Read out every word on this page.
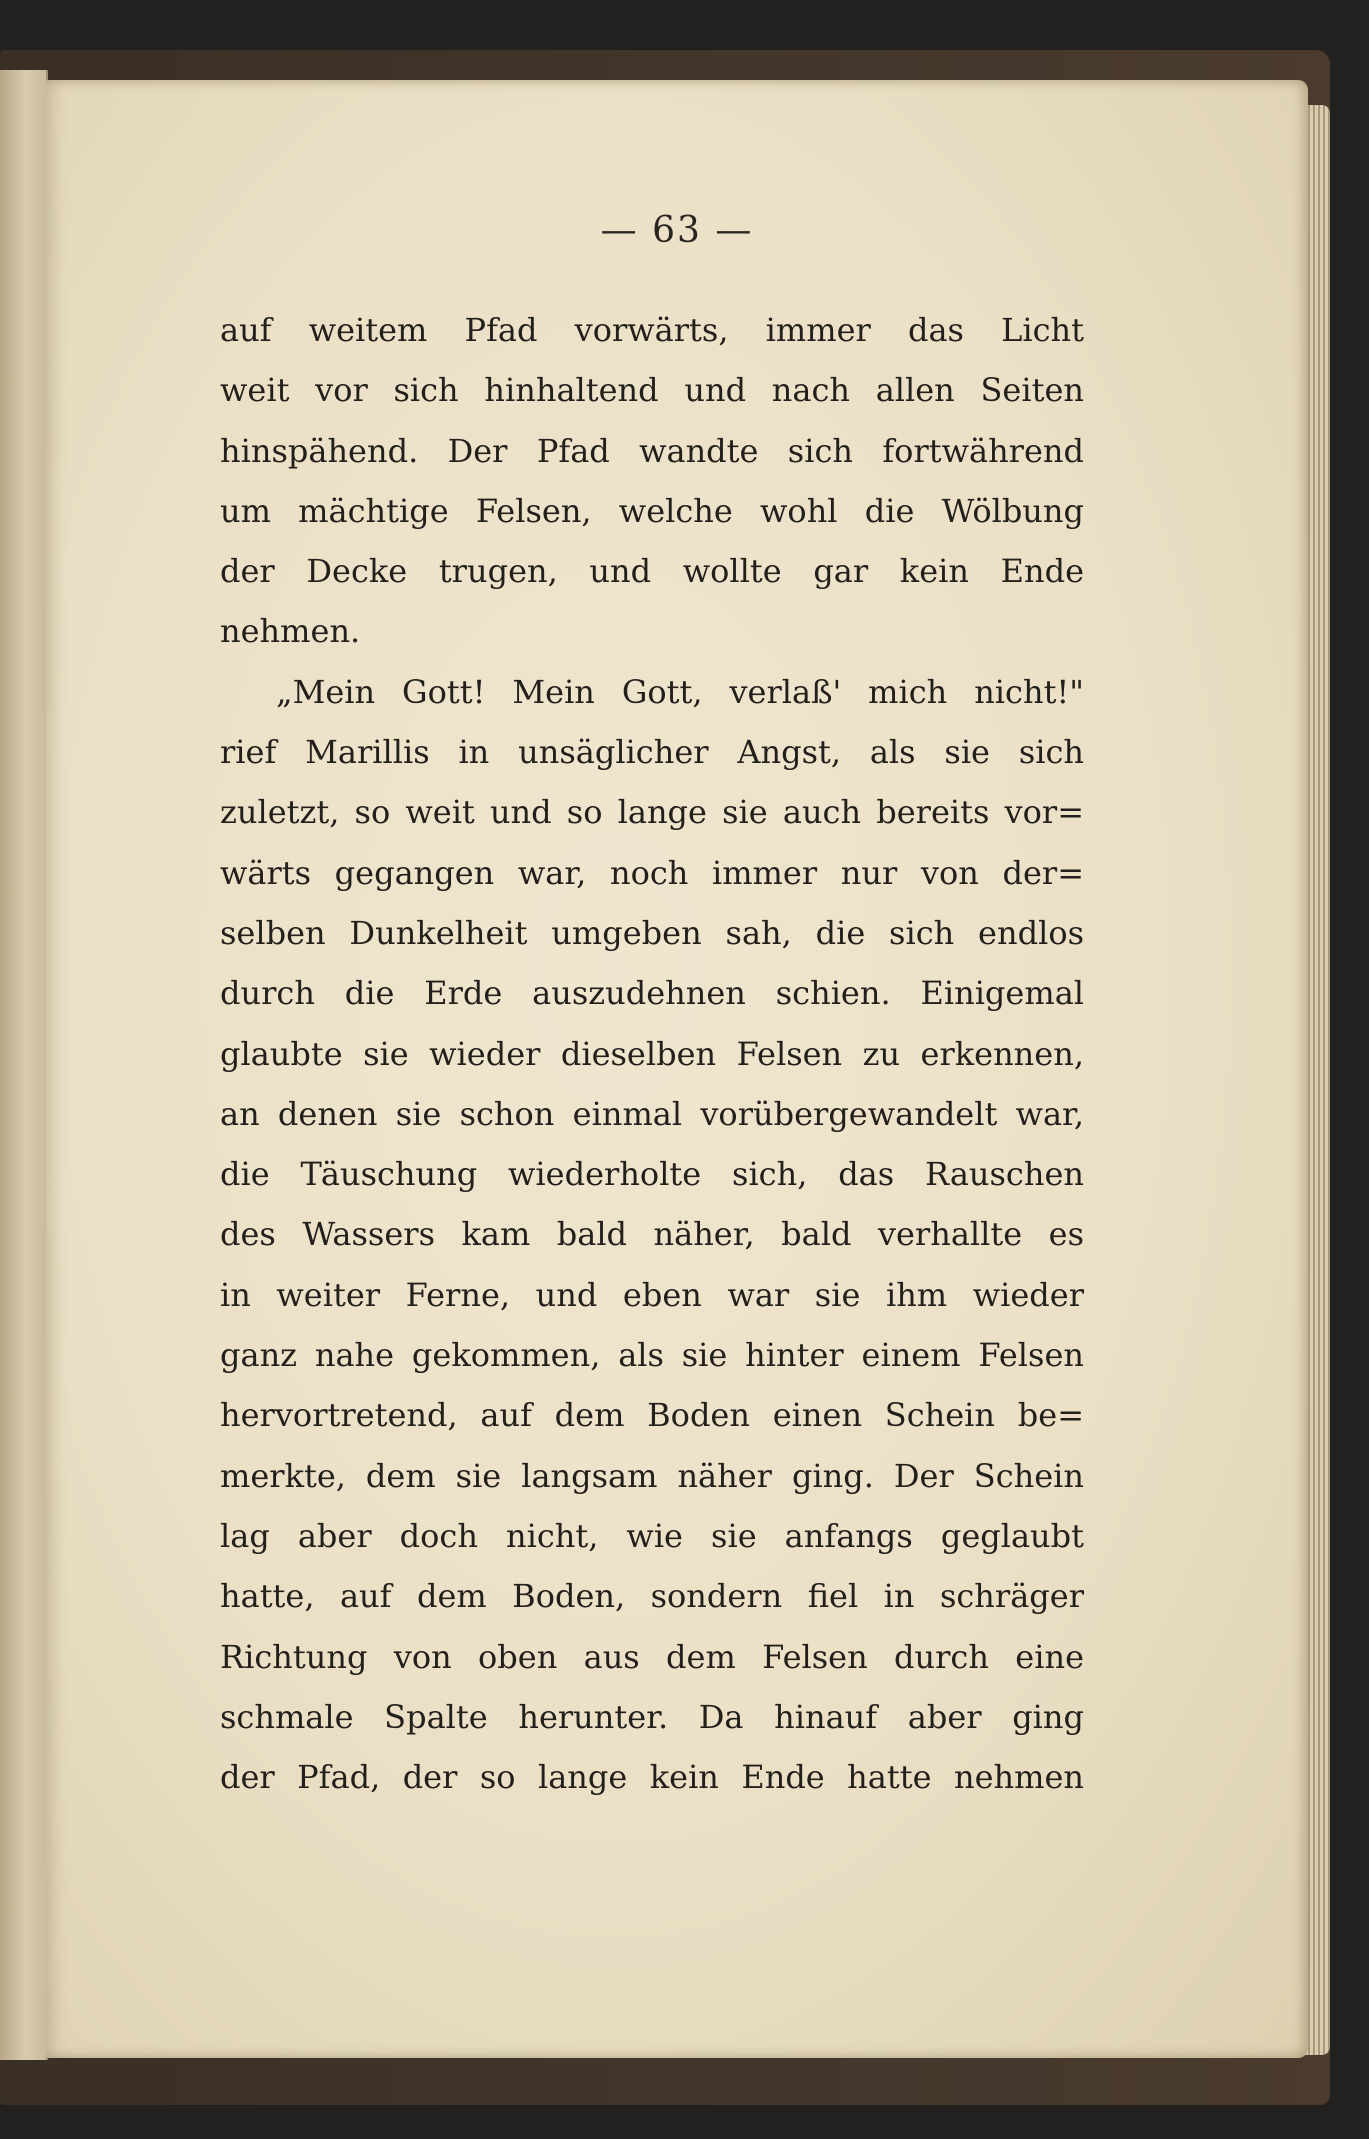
— 63 —

auf weitem Pfad vorwärts, immer das Licht
weit vor sich hinhaltend und nach allen Seiten
hinspähend. Der Pfad wandte sich fortwährend
um mächtige Felsen, welche wohl die Wölbung
der Decke trugen, und wollte gar kein Ende
nehmen.
„Mein Gott! Mein Gott, verlaß' mich nicht!"
rief Marillis in unsäglicher Angst, als sie sich
zuletzt, so weit und so lange sie auch bereits vor=
wärts gegangen war, noch immer nur von der=
selben Dunkelheit umgeben sah, die sich endlos
durch die Erde auszudehnen schien. Einigemal
glaubte sie wieder dieselben Felsen zu erkennen,
an denen sie schon einmal vorübergewandelt war,
die Täuschung wiederholte sich, das Rauschen
des Wassers kam bald näher, bald verhallte es
in weiter Ferne, und eben war sie ihm wieder
ganz nahe gekommen, als sie hinter einem Felsen
hervortretend, auf dem Boden einen Schein be=
merkte, dem sie langsam näher ging. Der Schein
lag aber doch nicht, wie sie anfangs geglaubt
hatte, auf dem Boden, sondern fiel in schräger
Richtung von oben aus dem Felsen durch eine
schmale Spalte herunter. Da hinauf aber ging
der Pfad, der so lange kein Ende hatte nehmen
